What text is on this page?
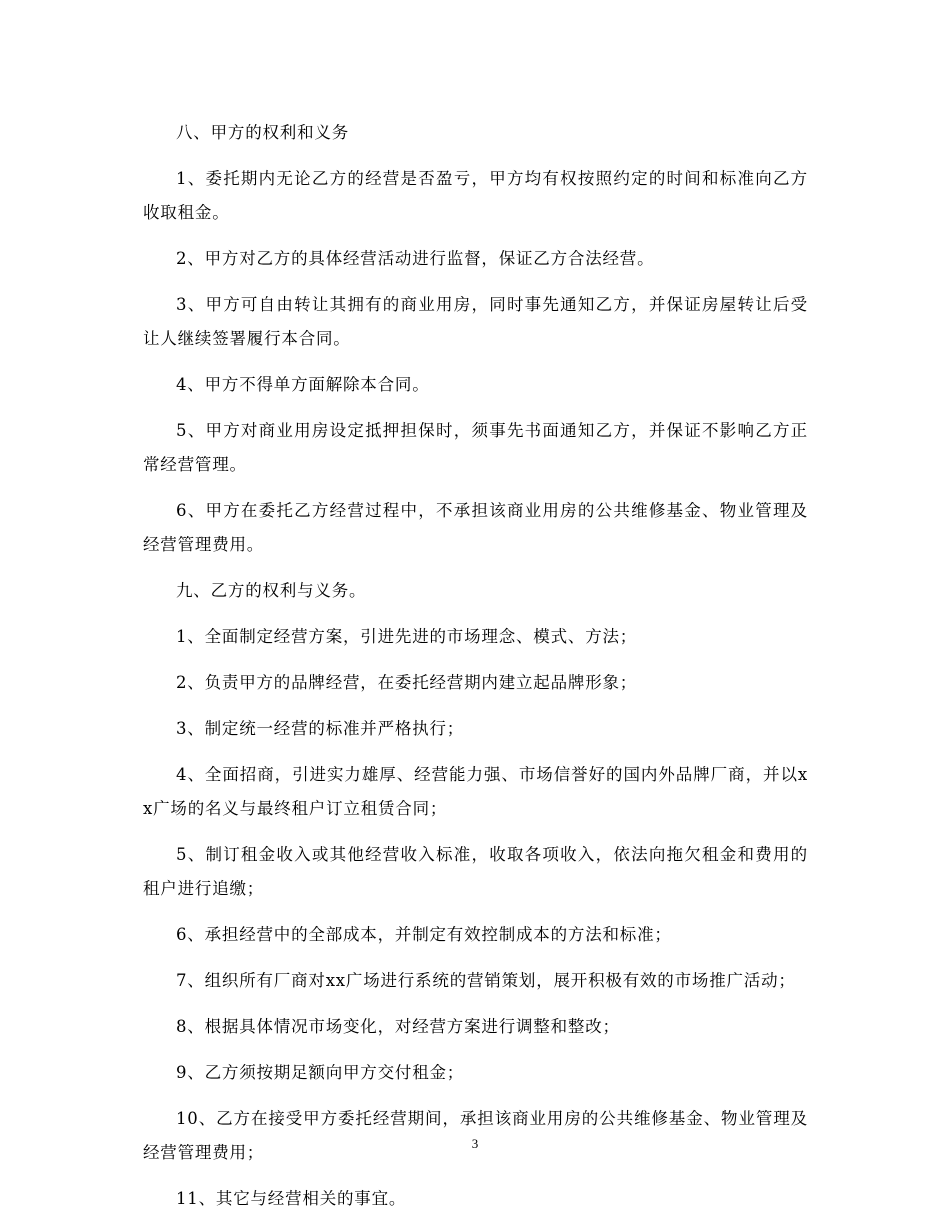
八、甲方的权利和义务

1、委托期内无论乙方的经营是否盈亏，甲方均有权按照约定的时间和标准向乙方收取租金。

2、甲方对乙方的具体经营活动进行监督，保证乙方合法经营。

3、甲方可自由转让其拥有的商业用房，同时事先通知乙方，并保证房屋转让后受让人继续签署履行本合同。

4、甲方不得单方面解除本合同。

5、甲方对商业用房设定抵押担保时，须事先书面通知乙方，并保证不影响乙方正常经营管理。

6、甲方在委托乙方经营过程中，不承担该商业用房的公共维修基金、物业管理及经营管理费用。

九、乙方的权利与义务。

1、全面制定经营方案，引进先进的市场理念、模式、方法；

2、负责甲方的品牌经营，在委托经营期内建立起品牌形象；

3、制定统一经营的标准并严格执行；

4、全面招商，引进实力雄厚、经营能力强、市场信誉好的国内外品牌厂商，并以xx广场的名义与最终租户订立租赁合同；

5、制订租金收入或其他经营收入标准，收取各项收入，依法向拖欠租金和费用的租户进行追缴；

6、承担经营中的全部成本，并制定有效控制成本的方法和标准；

7、组织所有厂商对xx广场进行系统的营销策划，展开积极有效的市场推广活动；

8、根据具体情况市场变化，对经营方案进行调整和整改；

9、乙方须按期足额向甲方交付租金；

10、乙方在接受甲方委托经营期间，承担该商业用房的公共维修基金、物业管理及经营管理费用；

11、其它与经营相关的事宜。

3
